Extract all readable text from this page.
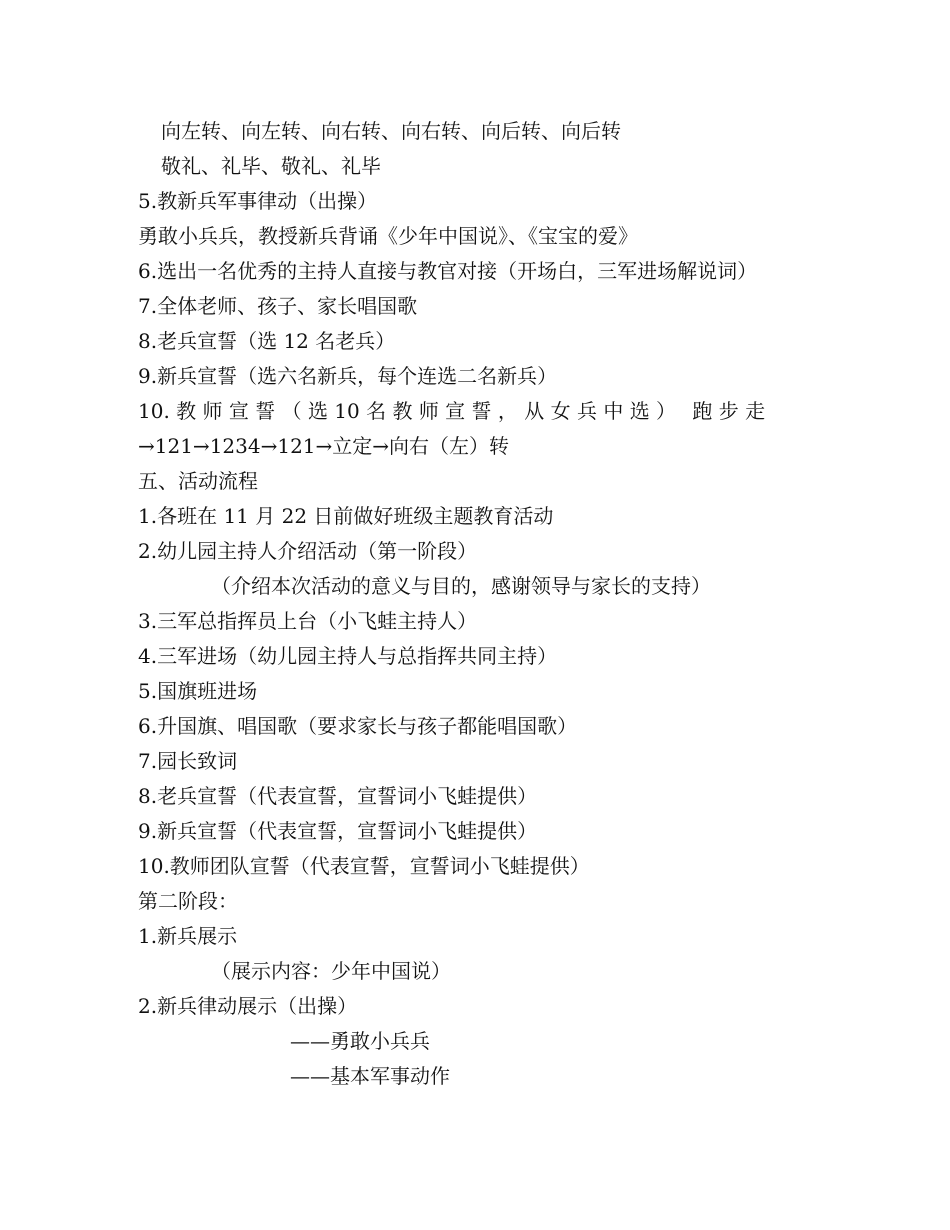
向左转、向左转、向右转、向右转、向后转、向后转
敬礼、礼毕、敬礼、礼毕
5.教新兵军事律动（出操）
勇敢小兵兵，教授新兵背诵《少年中国说》、《宝宝的爱》
6.选出一名优秀的主持人直接与教官对接（开场白，三军进场解说词）
7.全体老师、孩子、家长唱国歌
8.老兵宣誓（选 12 名老兵）
9.新兵宣誓（选六名新兵，每个连选二名新兵）
10. 教 师 宣 誓 （ 选 10 名 教 师 宣 誓 ， 从 女 兵 中 选 ）　 跑 步 走
→121→1234→121→立定→向右（左）转
五、活动流程
1.各班在 11 月 22 日前做好班级主题教育活动
2.幼儿园主持人介绍活动（第一阶段）
（介绍本次活动的意义与目的，感谢领导与家长的支持）
3.三军总指挥员上台（小飞蛙主持人）
4.三军进场（幼儿园主持人与总指挥共同主持）
5.国旗班进场
6.升国旗、唱国歌（要求家长与孩子都能唱国歌）
7.园长致词
8.老兵宣誓（代表宣誓，宣誓词小飞蛙提供）
9.新兵宣誓（代表宣誓，宣誓词小飞蛙提供）
10.教师团队宣誓（代表宣誓，宣誓词小飞蛙提供）
第二阶段：
1.新兵展示
（展示内容：少年中国说）
2.新兵律动展示（出操）
——勇敢小兵兵
——基本军事动作
